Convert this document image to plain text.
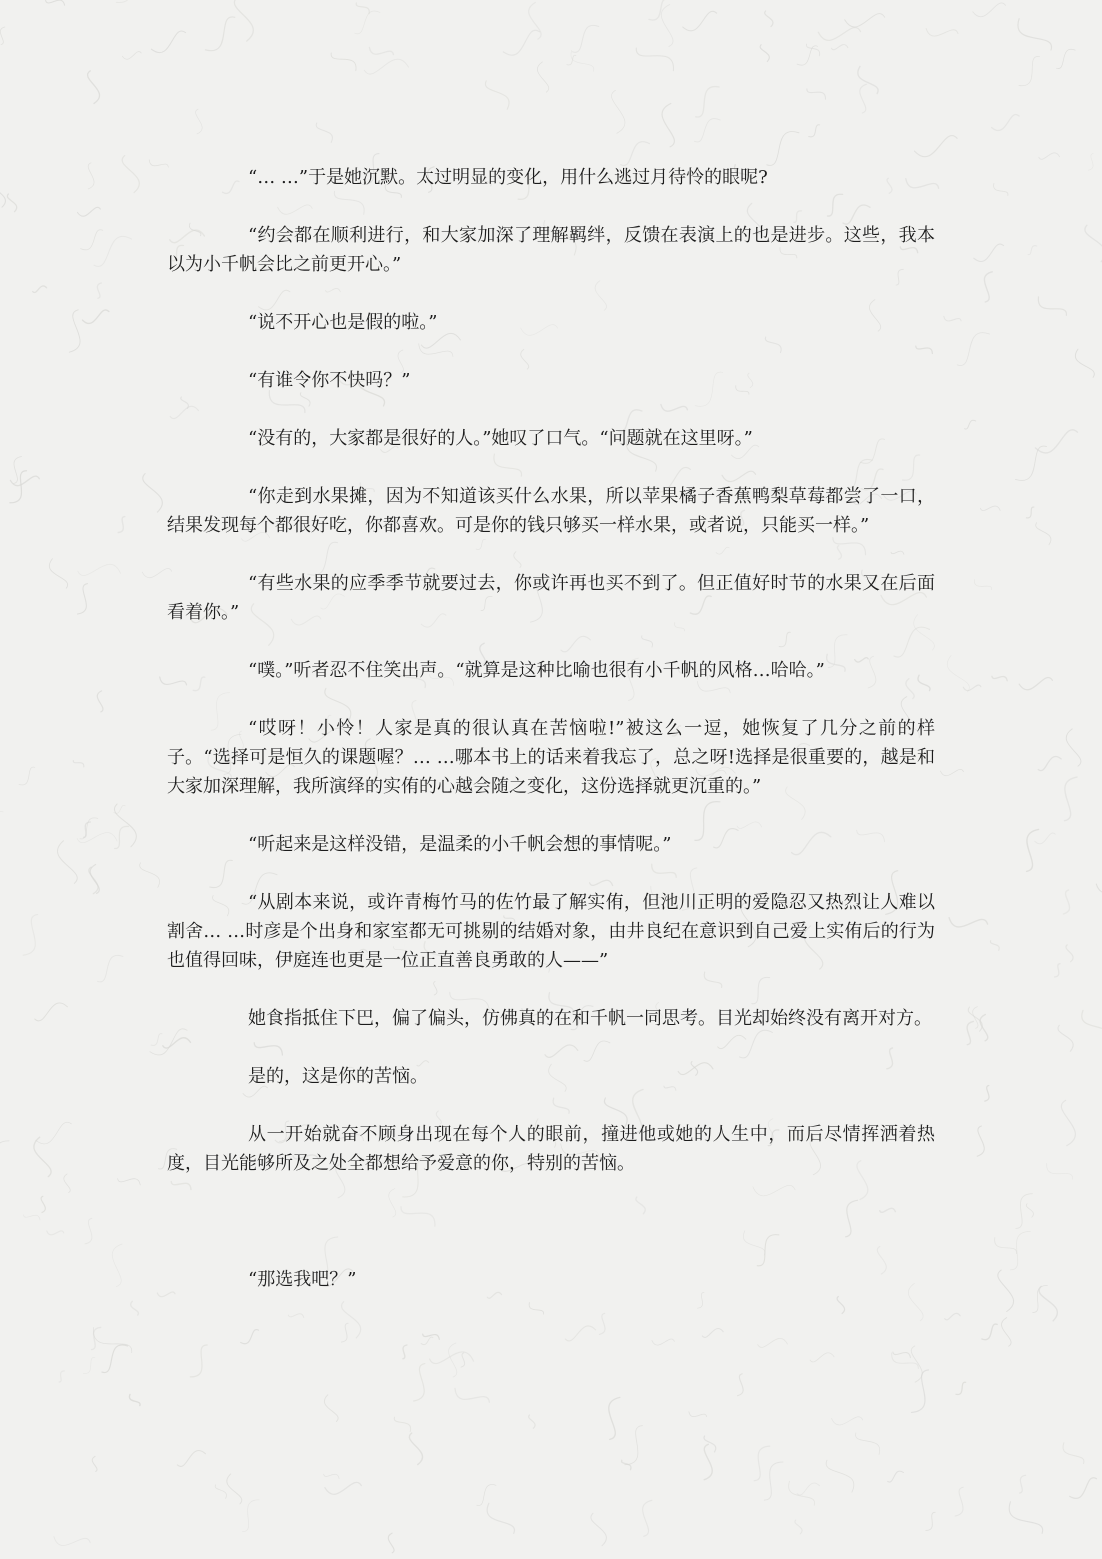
“… …”于是她沉默。太过明显的变化，用什么逃过月待怜的眼呢?

“约会都在顺利进行，和大家加深了理解羁绊，反馈在表演上的也是进步。这些，我本以为小千帆会比之前更开心。”

“说不开心也是假的啦。”

“有谁令你不快吗？”

“没有的，大家都是很好的人。”她叹了口气。“问题就在这里呀。”

“你走到水果摊，因为不知道该买什么水果，所以苹果橘子香蕉鸭梨草莓都尝了一口，结果发现每个都很好吃，你都喜欢。可是你的钱只够买一样水果，或者说，只能买一样。”

“有些水果的应季季节就要过去，你或许再也买不到了。但正值好时节的水果又在后面看着你。”

“噗。”听者忍不住笑出声。“就算是这种比喻也很有小千帆的风格…哈哈。”

“哎呀！小怜！人家是真的很认真在苦恼啦!”被这么一逗，她恢复了几分之前的样子。“选择可是恒久的课题喔？… …哪本书上的话来着我忘了，总之呀!选择是很重要的，越是和大家加深理解，我所演绎的实侑的心越会随之变化，这份选择就更沉重的。”

“听起来是这样没错，是温柔的小千帆会想的事情呢。”

“从剧本来说，或许青梅竹马的佐竹最了解实侑，但池川正明的爱隐忍又热烈让人难以割舍… …时彦是个出身和家室都无可挑剔的结婚对象，由井良纪在意识到自己爱上实侑后的行为也值得回味，伊庭连也更是一位正直善良勇敢的人——”

她食指抵住下巴，偏了偏头，仿佛真的在和千帆一同思考。目光却始终没有离开对方。

是的，这是你的苦恼。

从一开始就奋不顾身出现在每个人的眼前，撞进他或她的人生中，而后尽情挥洒着热度，目光能够所及之处全都想给予爱意的你，特别的苦恼。

“那选我吧？”
